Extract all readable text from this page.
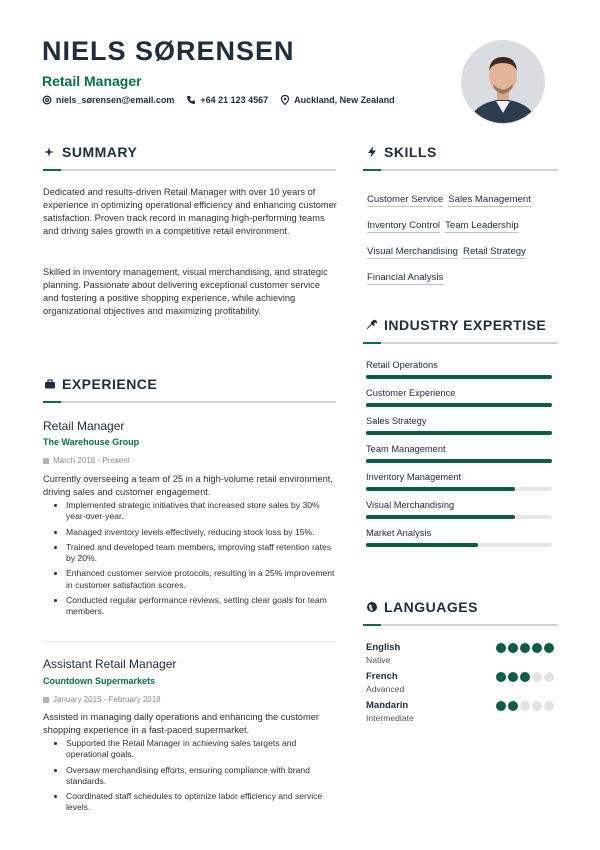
NIELS SØRENSEN
Retail Manager
niels_sørensen@email.com	+64 21 123 4567	Auckland, New Zealand
SUMMARY
Dedicated and results-driven Retail Manager with over 10 years of experience in optimizing operational efficiency and enhancing customer satisfaction. Proven track record in managing high-performing teams and driving sales growth in a competitive retail environment.
Skilled in inventory management, visual merchandising, and strategic planning. Passionate about delivering exceptional customer service and fostering a positive shopping experience, while achieving organizational objectives and maximizing profitability.
EXPERIENCE
Retail Manager
The Warehouse Group
March 2018 - Present
Currently overseeing a team of 25 in a high-volume retail environment, driving sales and customer engagement.
• Implemented strategic initiatives that increased store sales by 30% year-over-year.
• Managed inventory levels effectively, reducing stock loss by 15%.
• Trained and developed team members, improving staff retention rates by 20%.
• Enhanced customer service protocols, resulting in a 25% improvement in customer satisfaction scores.
• Conducted regular performance reviews, setting clear goals for team members.
Assistant Retail Manager
Countdown Supermarkets
January 2015 - February 2018
Assisted in managing daily operations and enhancing the customer shopping experience in a fast-paced supermarket.
• Supported the Retail Manager in achieving sales targets and operational goals.
• Oversaw merchandising efforts, ensuring compliance with brand standards.
• Coordinated staff schedules to optimize labor efficiency and service levels.
SKILLS
Customer Service Sales Management
Inventory Control Team Leadership
Visual Merchandising Retail Strategy
Financial Analysis
INDUSTRY EXPERTISE
Retail Operations
Customer Experience
Sales Strategy
Team Management
Inventory Management
Visual Merchandising
Market Analysis
LANGUAGES
English
Native
French
Advanced
Mandarin
Intermediate
